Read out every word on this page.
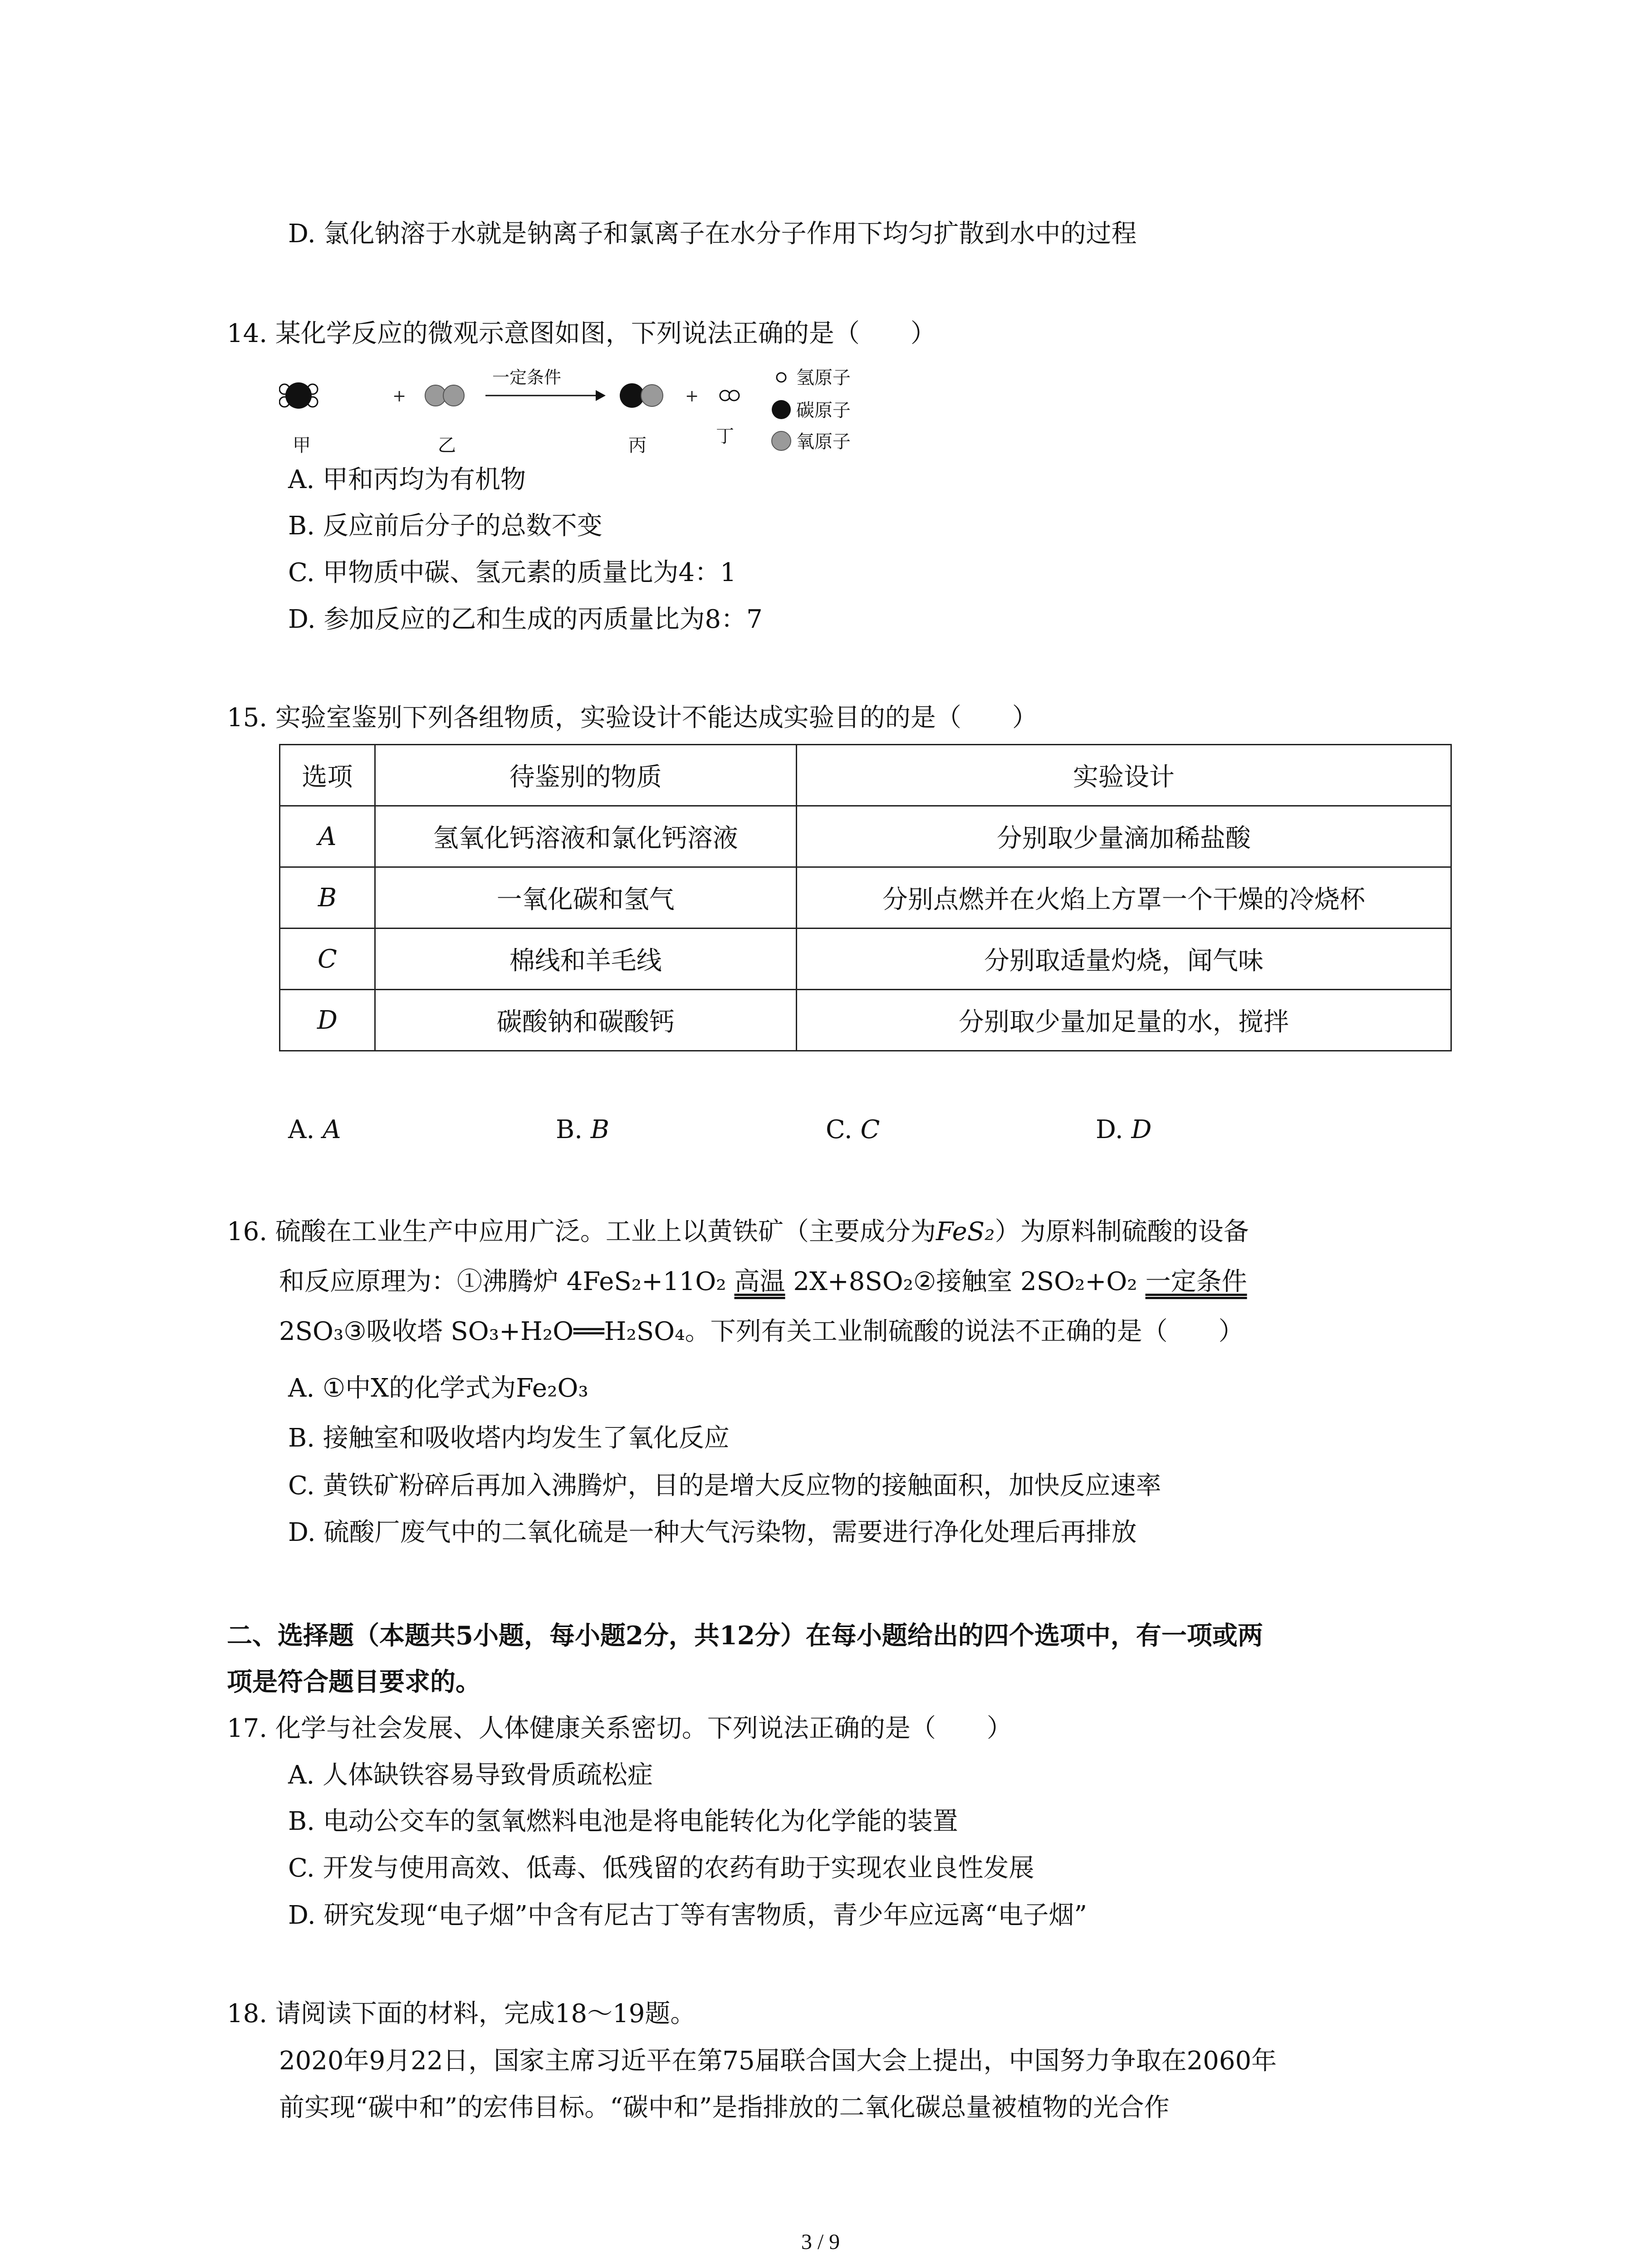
D. 氯化钠溶于水就是钠离子和氯离子在水分子作用下均匀扩散到水中的过程
14. 某化学反应的微观示意图如图，下列说法正确的是（　　）
+
一定条件
+
甲	乙	丙	丁
氢原子
碳原子
氧原子
A. 甲和丙均为有机物
B. 反应前后分子的总数不变
C. 甲物质中碳、氢元素的质量比为4：1
D. 参加反应的乙和生成的丙质量比为8：7
15. 实验室鉴别下列各组物质，实验设计不能达成实验目的的是（　　）
选项	待鉴别的物质	实验设计
A	氢氧化钙溶液和氯化钙溶液	分别取少量滴加稀盐酸
B	一氧化碳和氢气	分别点燃并在火焰上方罩一个干燥的冷烧杯
C	棉线和羊毛线	分别取适量灼烧，闻气味
D	碳酸钠和碳酸钙	分别取少量加足量的水，搅拌
A. A	B. B	C. C	D. D
16. 硫酸在工业生产中应用广泛。工业上以黄铁矿（主要成分为FeS₂）为原料制硫酸的设备
和反应原理为：①沸腾炉 4FeS₂+11O₂ 高温 2X+8SO₂②接触室 2SO₂+O₂ 一定条件
2SO₃③吸收塔 SO₃+H₂O══H₂SO₄。下列有关工业制硫酸的说法不正确的是（　　）
A. ①中X的化学式为Fe₂O₃
B. 接触室和吸收塔内均发生了氧化反应
C. 黄铁矿粉碎后再加入沸腾炉，目的是增大反应物的接触面积，加快反应速率
D. 硫酸厂废气中的二氧化硫是一种大气污染物，需要进行净化处理后再排放
二、选择题（本题共5小题，每小题2分，共12分）在每小题给出的四个选项中，有一项或两
项是符合题目要求的。
17. 化学与社会发展、人体健康关系密切。下列说法正确的是（　　）
A. 人体缺铁容易导致骨质疏松症
B. 电动公交车的氢氧燃料电池是将电能转化为化学能的装置
C. 开发与使用高效、低毒、低残留的农药有助于实现农业良性发展
D. 研究发现“电子烟”中含有尼古丁等有害物质，青少年应远离“电子烟”
18. 请阅读下面的材料，完成18～19题。
2020年9月22日，国家主席习近平在第75届联合国大会上提出，中国努力争取在2060年
前实现“碳中和”的宏伟目标。“碳中和”是指排放的二氧化碳总量被植物的光合作
3 / 9
